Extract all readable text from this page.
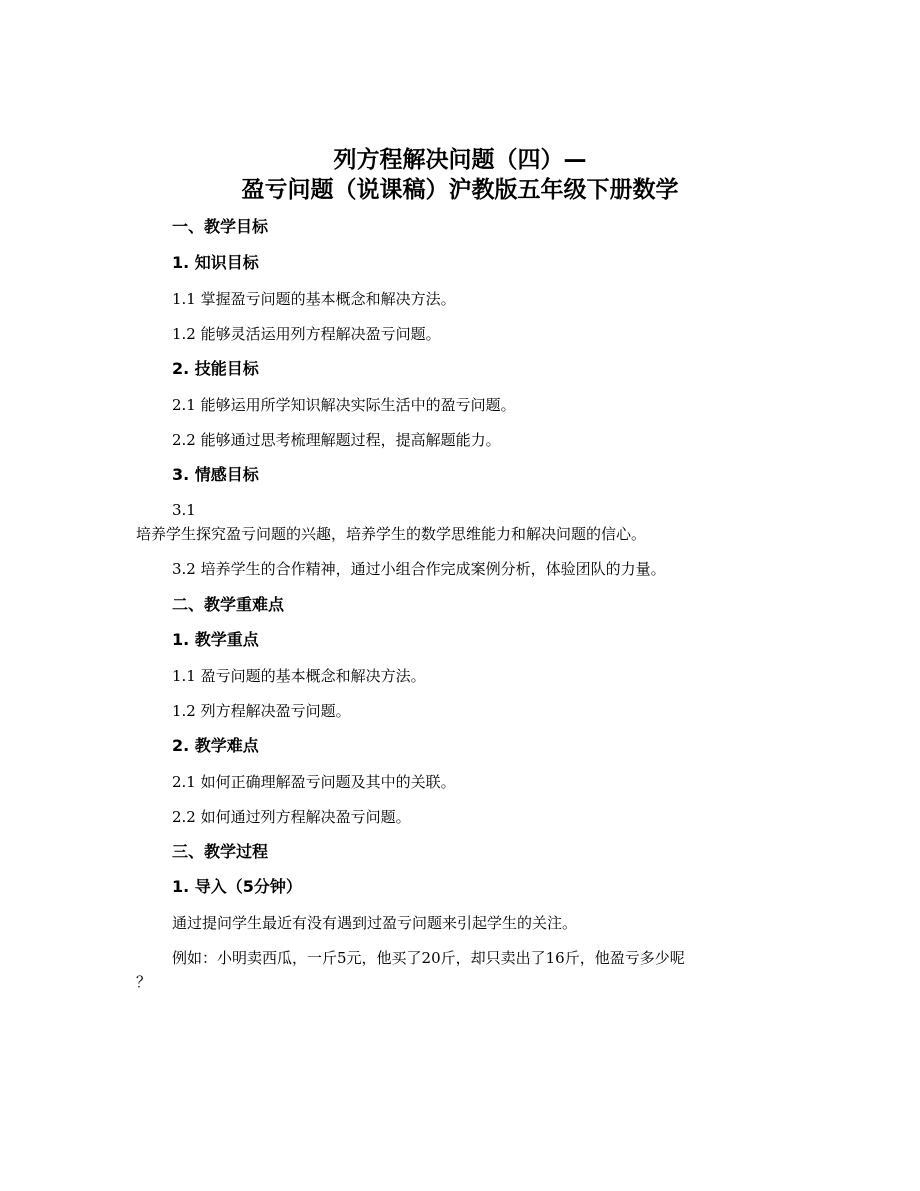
列方程解决问题（四）—
盈亏问题（说课稿）沪教版五年级下册数学
一、教学目标
1. 知识目标
1.1 掌握盈亏问题的基本概念和解决方法。
1.2 能够灵活运用列方程解决盈亏问题。
2. 技能目标
2.1 能够运用所学知识解决实际生活中的盈亏问题。
2.2 能够通过思考梳理解题过程，提高解题能力。
3. 情感目标
3.1
培养学生探究盈亏问题的兴趣，培养学生的数学思维能力和解决问题的信心。
3.2 培养学生的合作精神，通过小组合作完成案例分析，体验团队的力量。
二、教学重难点
1. 教学重点
1.1 盈亏问题的基本概念和解决方法。
1.2 列方程解决盈亏问题。
2. 教学难点
2.1 如何正确理解盈亏问题及其中的关联。
2.2 如何通过列方程解决盈亏问题。
三、教学过程
1. 导入（5分钟）
通过提问学生最近有没有遇到过盈亏问题来引起学生的关注。
例如：小明卖西瓜，一斤5元，他买了20斤，却只卖出了16斤，他盈亏多少呢
？
